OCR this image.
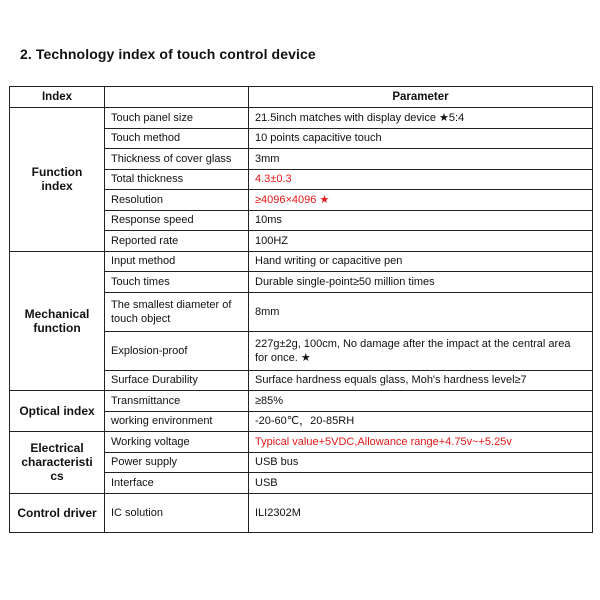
2. Technology index of touch control device
Index		Parameter
Function index	Touch panel size	21.5inch matches with display device ★5:4
	Touch method	10 points capacitive touch
	Thickness of cover glass	3mm
	Total thickness	4.3±0.3
	Resolution	≥4096×4096 ★
	Response speed	10ms
	Reported rate	100HZ
Mechanical function	Input method	Hand writing or capacitive pen
	Touch times	Durable single-point≥50 million times
	The smallest diameter of touch object	8mm
	Explosion-proof	227g±2g, 100cm, No damage after the impact at the central area for once. ★
	Surface Durability	Surface hardness equals glass, Moh's hardness level≥7
Optical index	Transmittance	≥85%
	working environment	-20-60℃，20-85RH
Electrical characteristi cs	Working voltage	Typical value+5VDC,Allowance range+4.75v~+5.25v
	Power supply	USB bus
	Interface	USB
Control driver	IC solution	ILI2302M
